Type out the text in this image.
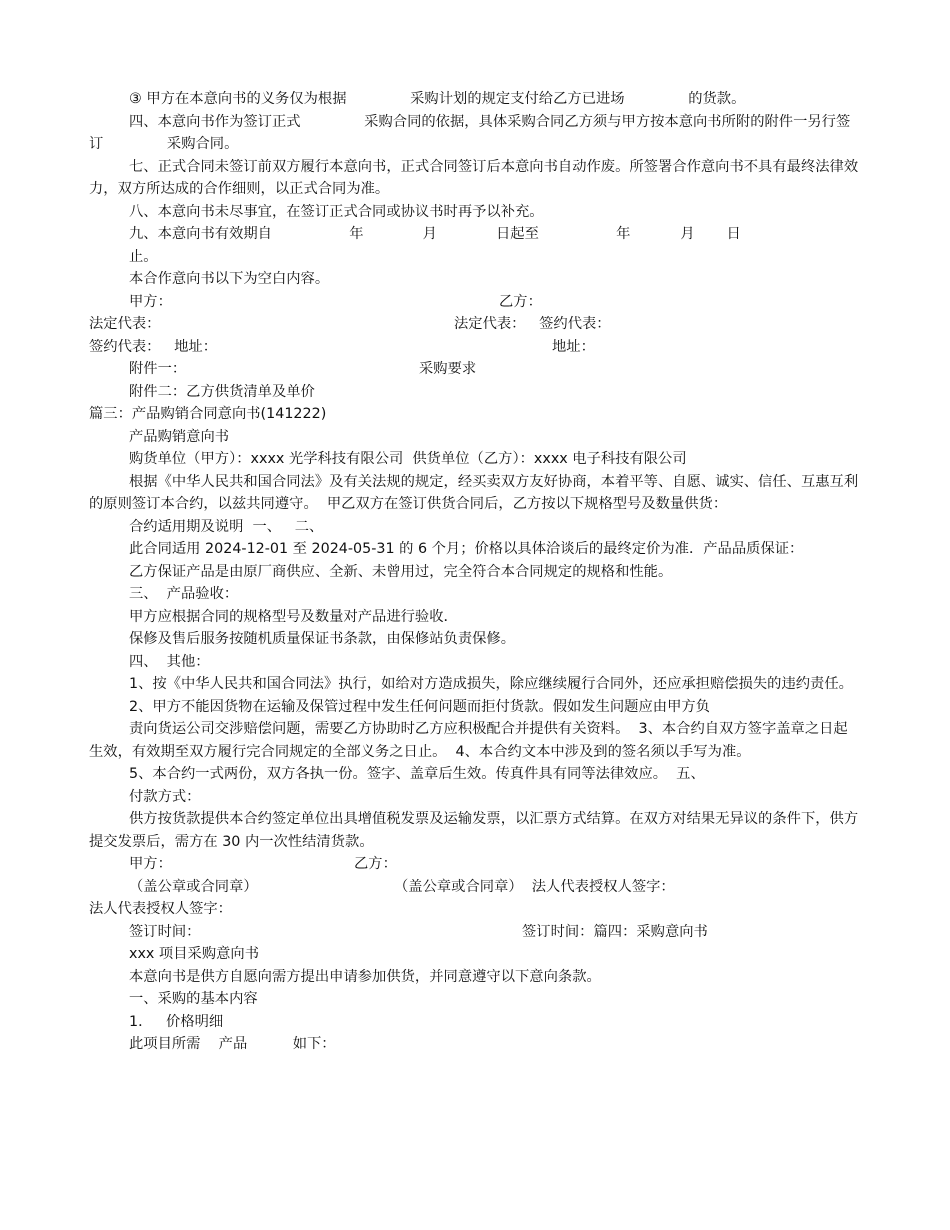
③ 甲方在本意向书的义务仅为根据              采购计划的规定支付给乙方已进场              的货款。

四、本意向书作为签订正式              采购合同的依据，具体采购合同乙方须与甲方按本意向书所附的附件一另行签订              采购合同。

七、正式合同未签订前双方履行本意向书，正式合同签订后本意向书自动作废。所签署合作意向书不具有最终法律效力，双方所达成的合作细则，以正式合同为准。

八、本意向书未尽事宜，在签订正式合同或协议书时再予以补充。

九、本意向书有效期自                 年             月             日起至                 年           月       日

止。

本合作意向书以下为空白内容。

甲方：

	乙方：

法定代表：

	法定代表：   签约代表：

签约代表：   地址：

	地址：

附件一：

	采购要求

附件二：乙方供货清单及单价

篇三：产品购销合同意向书(141222)

产品购销意向书

购货单位（甲方）：xxxx 光学科技有限公司  供货单位（乙方）：xxxx 电子科技有限公司

根据《中华人民共和国合同法》及有关法规的规定，经买卖双方友好协商，本着平等、自愿、诚实、信任、互惠互利的原则签订本合约，以兹共同遵守。  甲乙双方在签订供货合同后，乙方按以下规格型号及数量供货：

合约适用期及说明  一、   二、

此合同适用 2024-12-01 至 2024-05-31 的 6 个月；价格以具体洽谈后的最终定价为准．产品品质保证：

乙方保证产品是由原厂商供应、全新、未曾用过，完全符合本合同规定的规格和性能。

三、  产品验收：

甲方应根据合同的规格型号及数量对产品进行验收．

保修及售后服务按随机质量保证书条款，由保修站负责保修。

四、  其他：

1、按《中华人民共和国合同法》执行，如给对方造成损失，除应继续履行合同外，还应承担赔偿损失的违约责任。

2、甲方不能因货物在运输及保管过程中发生任何问题而拒付货款。假如发生问题应由甲方负

责向货运公司交涉赔偿问题，需要乙方协助时乙方应积极配合并提供有关资料。  3、本合约自双方签字盖章之日起生效，有效期至双方履行完合同规定的全部义务之日止。  4、本合约文本中涉及到的签名须以手写为准。

5、本合约一式两份，双方各执一份。签字、盖章后生效。传真件具有同等法律效应。  五、

付款方式：

供方按货款提供本合约签定单位出具增值税发票及运输发票，以汇票方式结算。在双方对结果无异议的条件下，供方提交发票后，需方在 30 内一次性结清货款。

甲方：

	乙方：

（盖公章或合同章）

	（盖公章或合同章）  法人代表授权人签字：

法人代表授权人签字：

签订时间：

	签订时间：篇四：采购意向书

xxx 项目采购意向书

本意向书是供方自愿向需方提出申请参加供货，并同意遵守以下意向条款。

一、采购的基本内容

1．   价格明细

此项目所需    产品          如下：
